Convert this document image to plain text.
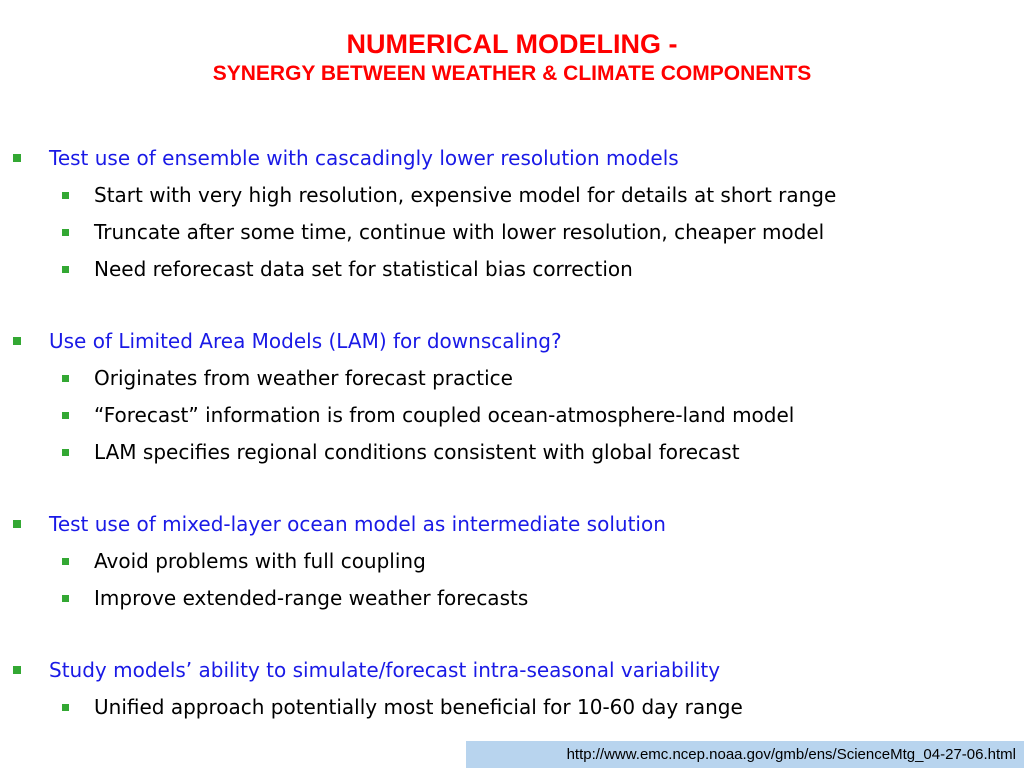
NUMERICAL MODELING -
SYNERGY BETWEEN WEATHER & CLIMATE COMPONENTS
Test use of ensemble with cascadingly lower resolution models
Start with very high resolution, expensive model for details at short range
Truncate after some time, continue with lower resolution, cheaper model
Need reforecast data set for statistical bias correction
Use of Limited Area Models (LAM) for downscaling?
Originates from weather forecast practice
“Forecast” information is from coupled ocean-atmosphere-land model
LAM specifies regional conditions consistent with global forecast
Test use of mixed-layer ocean model as intermediate solution
Avoid problems with full coupling
Improve extended-range weather forecasts
Study models’ ability to simulate/forecast intra-seasonal variability
Unified approach potentially most beneficial for 10-60 day range
http://www.emc.ncep.noaa.gov/gmb/ens/ScienceMtg_04-27-06.html
